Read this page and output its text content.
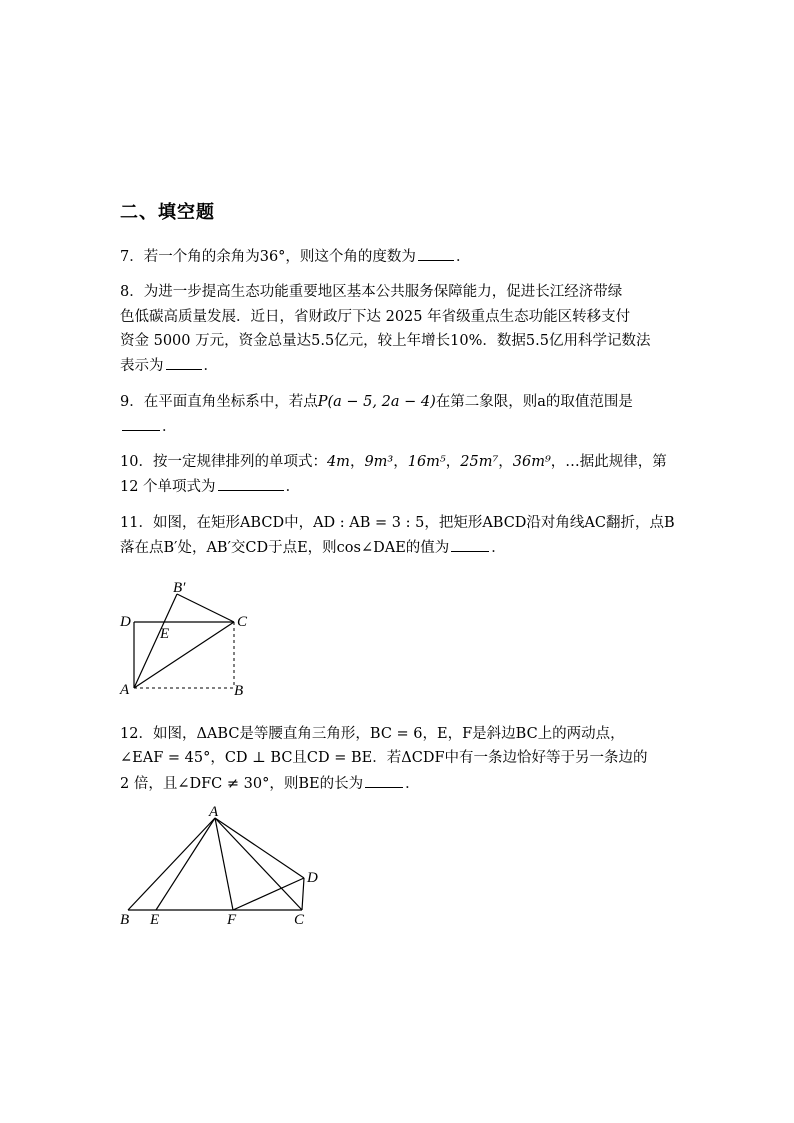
二、填空题
7．若一个角的余角为36°，则这个角的度数为	．
8．为进一步提高生态功能重要地区基本公共服务保障能力，促进长江经济带绿
色低碳高质量发展．近日，省财政厅下达 2025 年省级重点生态功能区转移支付
资金 5000 万元，资金总量达5.5亿元，较上年增长10%．数据5.5亿用科学记数法
表示为	．
9．在平面直角坐标系中，若点P(a − 5, 2a − 4)在第二象限，则a的取值范围是
．
10．按一定规律排列的单项式：4m，9m³，16m⁵，25m⁷，36m⁹，…据此规律，第
12 个单项式为	．
11．如图，在矩形ABCD中，AD : AB = 3 : 5，把矩形ABCD沿对角线AC翻折，点B
落在点B′处，AB′交CD于点E，则cos∠DAE的值为	．
D	C
A	B
E
B′
12．如图，ΔABC是等腰直角三角形，BC = 6，E，F是斜边BC上的两动点，
∠EAF = 45°，CD ⊥ BC且CD = BE．若ΔCDF中有一条边恰好等于另一条边的
2 倍，且∠DFC ≠ 30°，则BE的长为	．
A
B E	F	C
D
